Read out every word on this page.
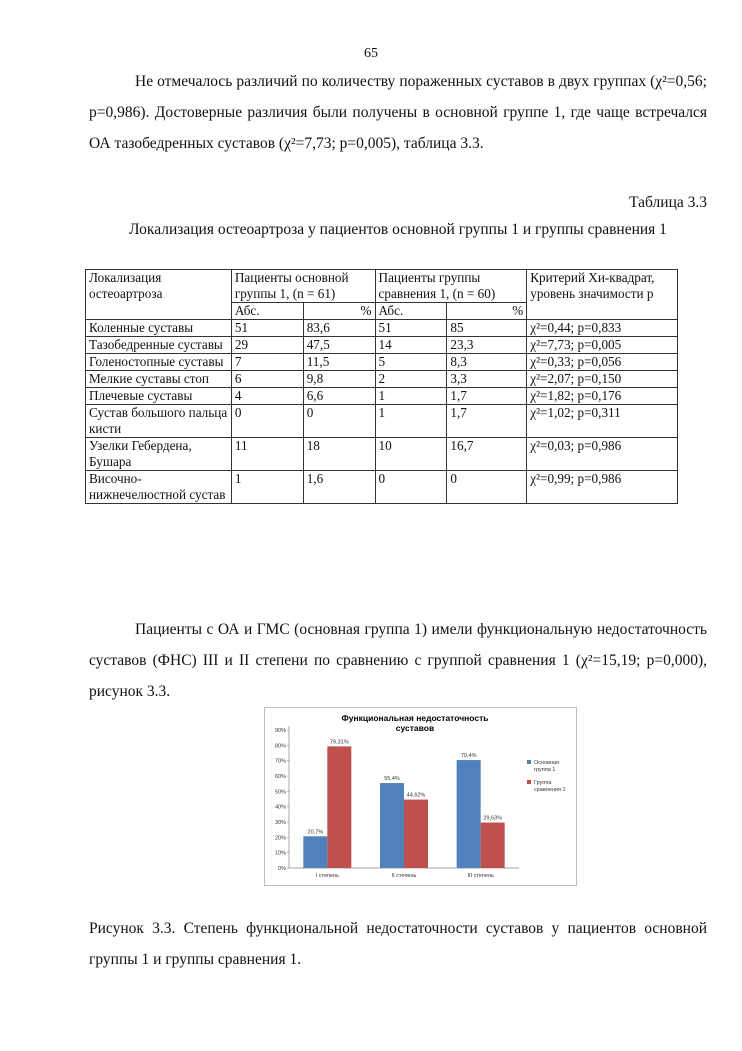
65

Не отмечалось различий по количеству пораженных суставов в двух группах (χ²=0,56; р=0,986). Достоверные различия были получены в основной группе 1, где чаще встречался ОА тазобедренных суставов (χ²=7,73; р=0,005), таблица 3.3.

Таблица 3.3
Локализация остеоартроза у пациентов основной группы 1 и группы сравнения 1
Локализация остеоартроза	Пациенты основной группы 1, (n = 61)		Пациенты группы сравнения 1, (n = 60)		Критерий Хи-квадрат, уровень значимости р
	Абс.	%	Абс.	%	
Коленные суставы	51	83,6	51	85	χ²=0,44; р=0,833
Тазобедренные суставы	29	47,5	14	23,3	χ²=7,73; р=0,005
Голеностопные суставы	7	11,5	5	8,3	χ²=0,33; р=0,056
Мелкие суставы стоп	6	9,8	2	3,3	χ²=2,07; р=0,150
Плечевые суставы	4	6,6	1	1,7	χ²=1,82; р=0,176
Сустав большого пальца кисти	0	0	1	1,7	χ²=1,02; р=0,311
Узелки Гебердена, Бушара	11	18	10	16,7	χ²=0,03; р=0,986
Височно-нижнечелюстной сустав	1	1,6	0	0	χ²=0,99; р=0,986

Пациенты с ОА и ГМС (основная группа 1) имели функциональную недостаточность суставов (ФНС) III и II степени по сравнению с группой сравнения 1 (χ²=15,19; р=0,000), рисунок 3.3.

Функциональная недостаточность суставов
0%
10%
20%
30%
40%
50%
60%
70%
80%
90%
I степень
20,7%
79,31%
II степень
55,4%
44,62%
III степень
70,4%
29,63%
Основная группа 1
Группа сравнения 1

Рисунок 3.3. Степень функциональной недостаточности суставов у пациентов основной группы 1 и группы сравнения 1.
